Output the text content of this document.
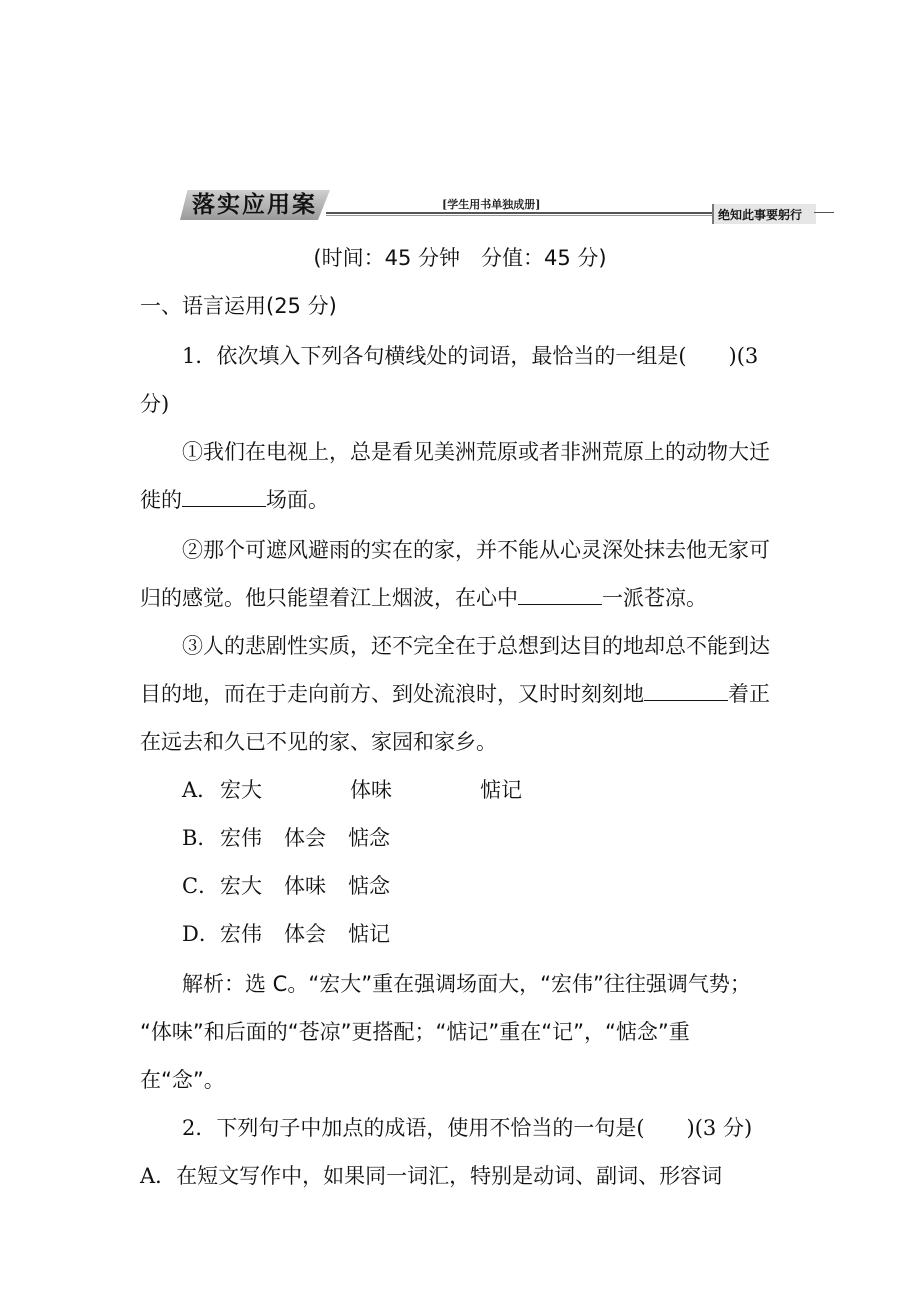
落实应用案	[学生用书单独成册]
绝知此事要躬行
(时间：45 分钟　分值：45 分)
一、语言运用(25 分)
1．依次填入下列各句横线处的词语，最恰当的一组是(　　)(3
分)
①我们在电视上，总是看见美洲荒原或者非洲荒原上的动物大迁
徙的	场面。
②那个可遮风避雨的实在的家，并不能从心灵深处抹去他无家可
归的感觉。他只能望着江上烟波，在心中	一派苍凉。
③人的悲剧性实质，还不完全在于总想到达目的地却总不能到达
目的地，而在于走向前方、到处流浪时，又时时刻刻地	着正
在远去和久已不见的家、家园和家乡。
A． 宏大	体味	惦记
B． 宏伟 体会 惦念
C． 宏大 体味 惦念
D． 宏伟 体会 惦记
解析：选 C。“宏大”重在强调场面大，“宏伟”往往强调气势；
“体味”和后面的“苍凉”更搭配；“惦记”重在“记”，“惦念”重
在“念”。
2．下列句子中加点的成语，使用不恰当的一句是(　　)(3 分)
A．在短文写作中，如果同一词汇，特别是动词、副词、形容词
